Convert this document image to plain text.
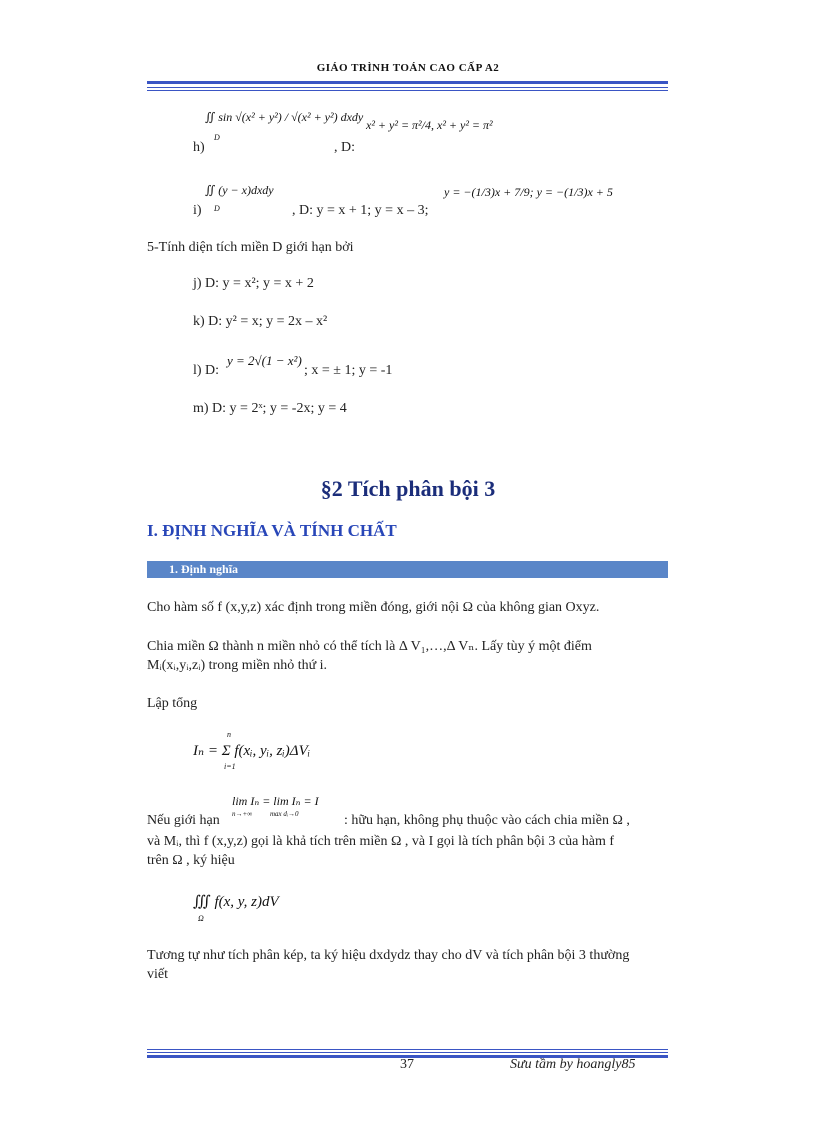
GIÁO TRÌNH TOÁN CAO CẤP A2
∬ sin √(x² + y²) / √(x² + y²) dxdy
D
h)	, D:
x² + y² = π²/4, x² + y² = π²
∬ (y − x)dxdy
D
i)	, D: y = x + 1; y = x – 3;
y = −(1/3)x + 7/9; y = −(1/3)x + 5
5-Tính diện tích miền D giới hạn bởi
j) D: y = x²; y = x + 2
k) D: y² = x; y = 2x – x²
l) D:
y = 2√(1 − x²)
; x = ± 1; y = -1
m) D: y = 2ˣ; y = -2x; y = 4
§2 Tích phân bội 3
I. ĐỊNH NGHĨA VÀ TÍNH CHẤT
1. Định nghĩa
Cho hàm số f (x,y,z) xác định trong miền đóng, giới nội Ω của không gian Oxyz.
Chia miền Ω thành n miền nhỏ có thể tích là Δ V₁,…,Δ Vₙ. Lấy tùy ý một điểm
Mᵢ(xᵢ,yᵢ,zᵢ) trong miền nhỏ thứ i.
Lập tổng
n
Iₙ = Σ f(xᵢ, yᵢ, zᵢ)ΔVᵢ
i=1
lim Iₙ = lim Iₙ = I
n→+∞	max dᵢ→0
Nếu giới hạn	: hữu hạn, không phụ thuộc vào cách chia miền Ω ,
và Mᵢ, thì f (x,y,z) gọi là khả tích trên miền Ω , và I gọi là tích phân bội 3 của hàm f
trên Ω , ký hiệu
∭ f(x, y, z)dV
Ω
Tương tự như tích phân kép, ta ký hiệu dxdydz thay cho dV và tích phân bội 3 thường
viết
37	Sưu tầm by hoangly85
